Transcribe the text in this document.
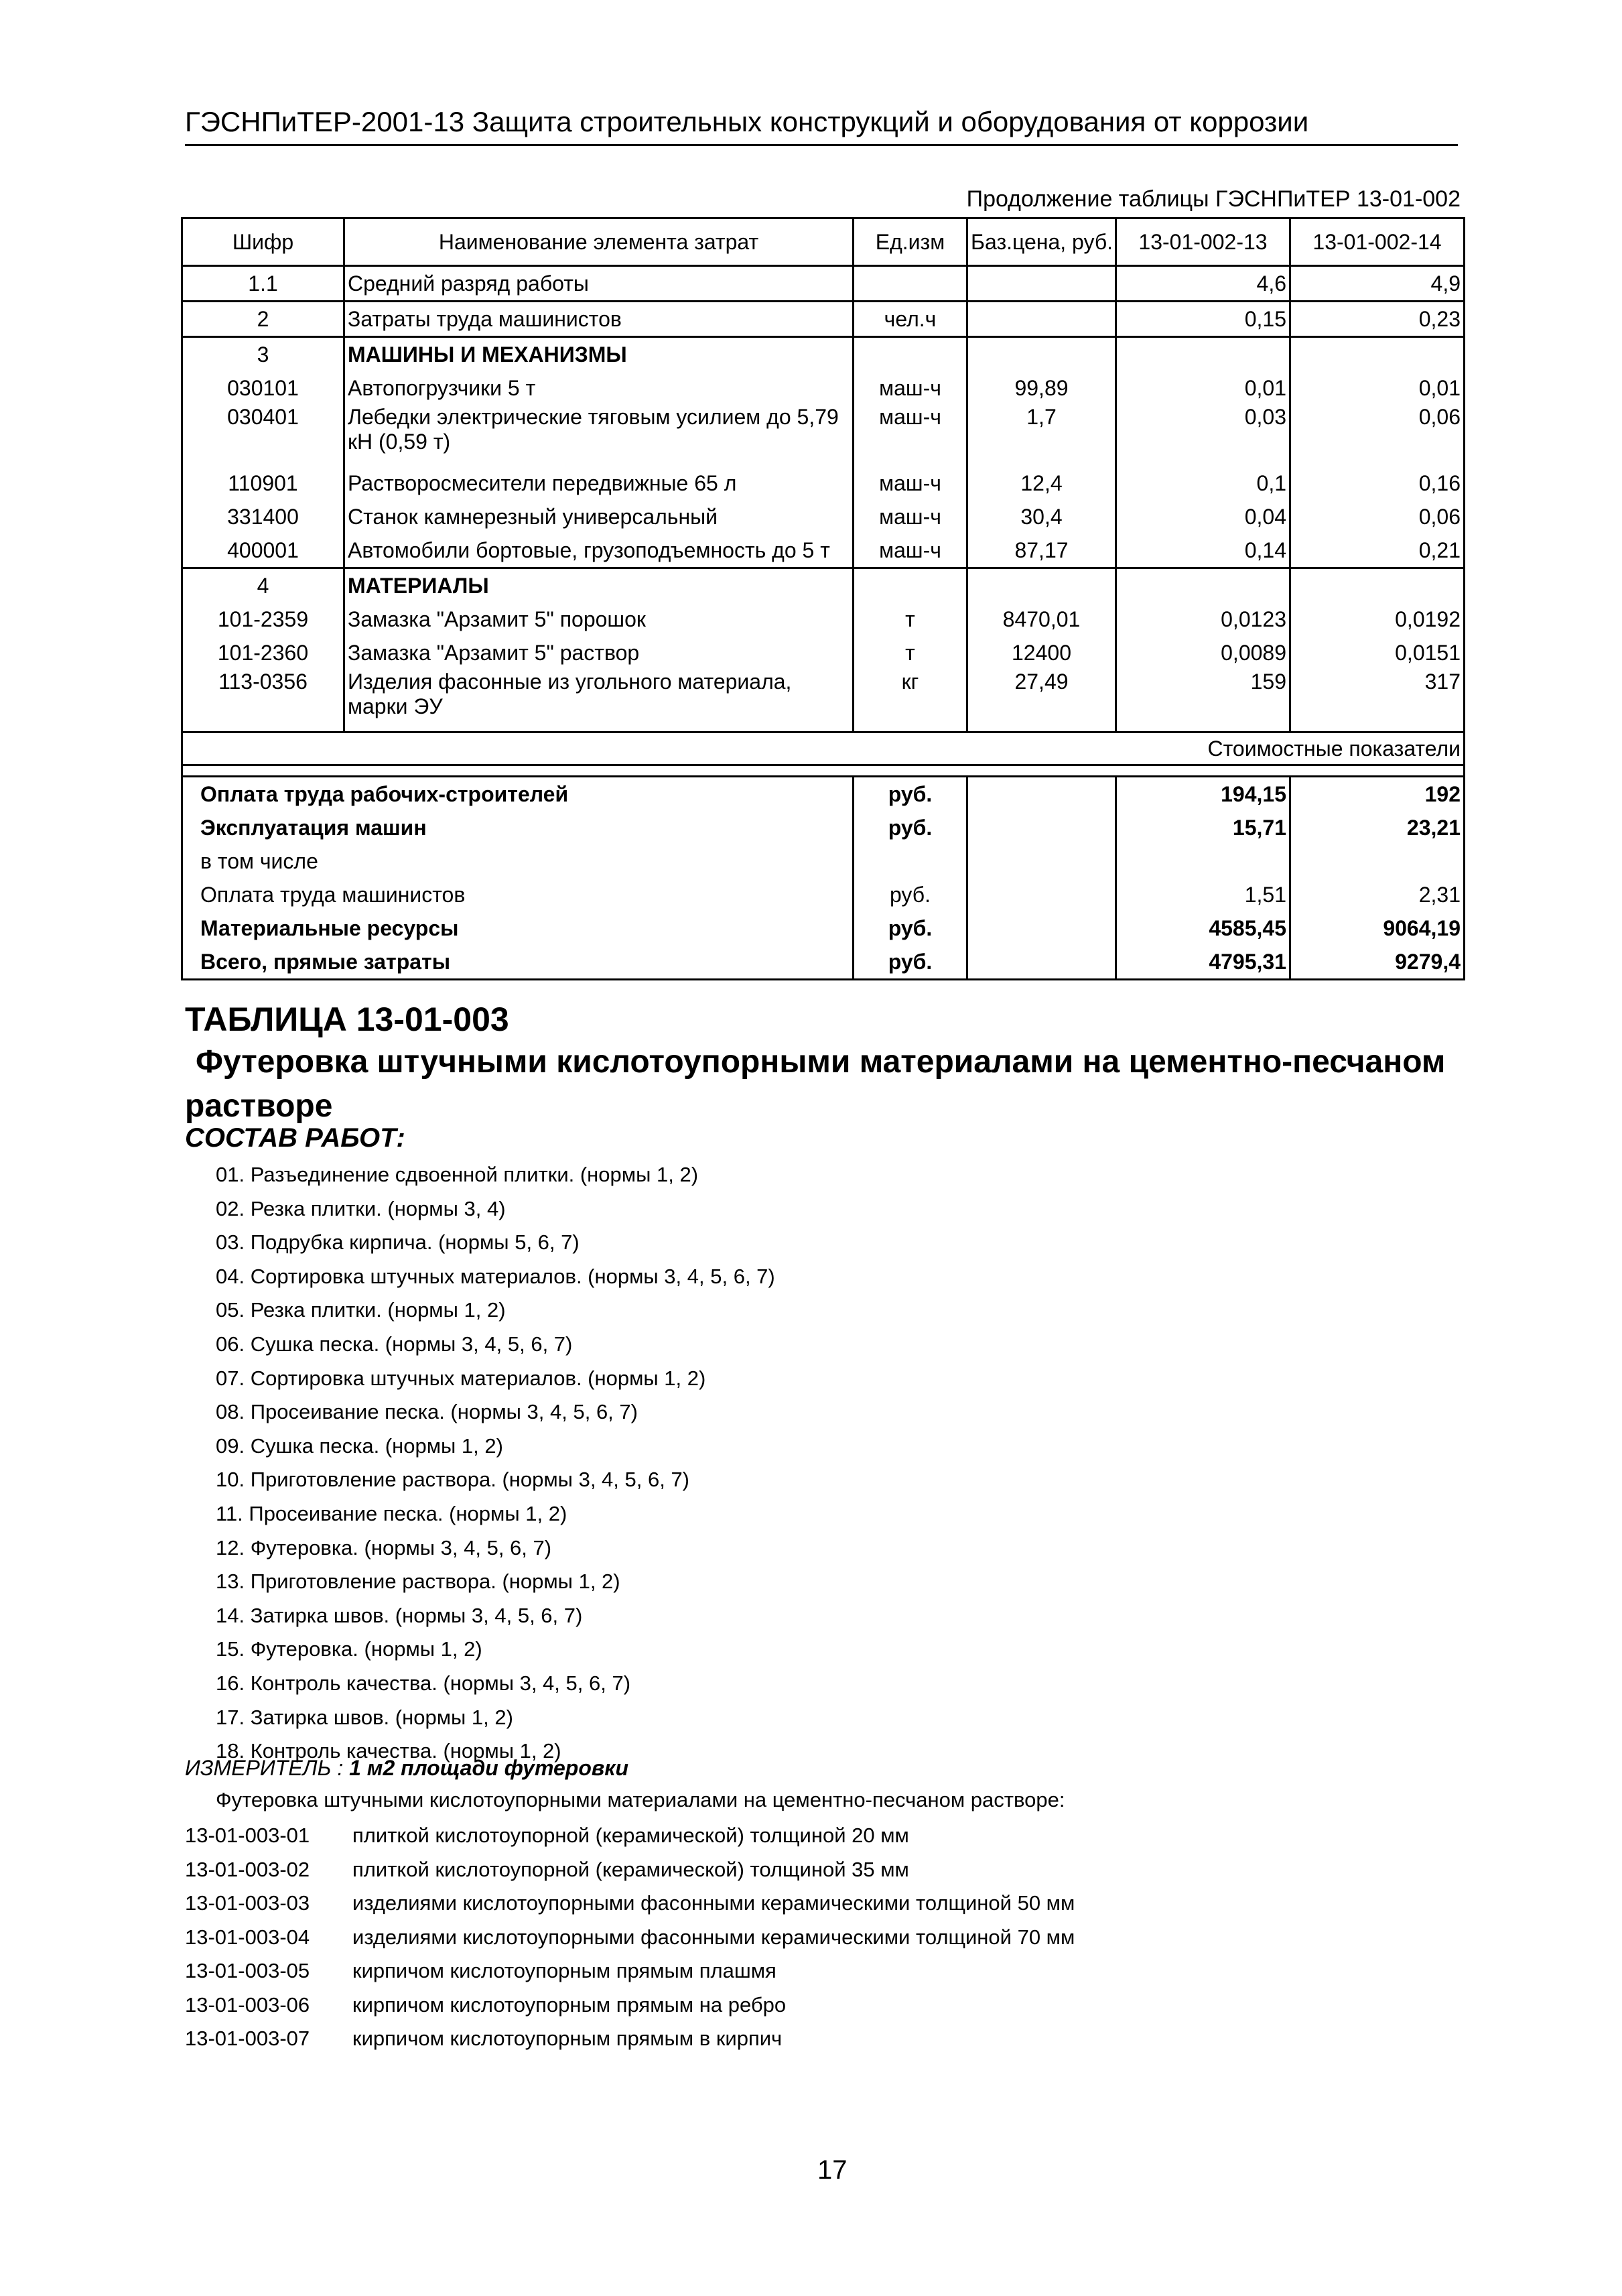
ГЭСНПиТЕР-2001-13 Защита строительных конструкций и оборудования от коррозии
Продолжение таблицы ГЭСНПиТЕР 13-01-002
Шифр	Наименование элемента затрат	Ед.изм	Баз.цена, руб.	13-01-002-13	13-01-002-14
1.1	Средний разряд работы			4,6	4,9
2	Затраты труда машинистов	чел.ч		0,15	0,23
3	МАШИНЫ И МЕХАНИЗМЫ				
030101	Автопогрузчики 5 т	маш-ч	99,89	0,01	0,01
030401	Лебедки электрические тяговым усилием до 5,79 кН (0,59 т)	маш-ч	1,7	0,03	0,06
110901	Растворосмесители передвижные 65 л	маш-ч	12,4	0,1	0,16
331400	Станок камнерезный универсальный	маш-ч	30,4	0,04	0,06
400001	Автомобили бортовые, грузоподъемность до 5 т	маш-ч	87,17	0,14	0,21
4	МАТЕРИАЛЫ				
101-2359	Замазка "Арзамит 5" порошок	т	8470,01	0,0123	0,0192
101-2360	Замазка "Арзамит 5" раствор	т	12400	0,0089	0,0151
113-0356	Изделия фасонные из угольного материала, марки ЭУ	кг	27,49	159	317
Стоимостные показатели					

Оплата труда рабочих-строителей		руб.		194,15	192
Эксплуатация машин		руб.		15,71	23,21
в том числе					
Оплата труда машинистов		руб.		1,51	2,31
Материальные ресурсы		руб.		4585,45	9064,19
Всего, прямые затраты		руб.		4795,31	9279,4
ТАБЛИЦА 13-01-003
Футеровка штучными кислотоупорными материалами на цементно-песчаном
растворе
СОСТАВ РАБОТ:
01. Разъединение сдвоенной плитки. (нормы 1, 2)
02. Резка плитки. (нормы 3, 4)
03. Подрубка кирпича. (нормы 5, 6, 7)
04. Сортировка штучных материалов. (нормы 3, 4, 5, 6, 7)
05. Резка плитки. (нормы 1, 2)
06. Сушка песка. (нормы 3, 4, 5, 6, 7)
07. Сортировка штучных материалов. (нормы 1, 2)
08. Просеивание песка. (нормы 3, 4, 5, 6, 7)
09. Сушка песка. (нормы 1, 2)
10. Приготовление раствора. (нормы 3, 4, 5, 6, 7)
11. Просеивание песка. (нормы 1, 2)
12. Футеровка. (нормы 3, 4, 5, 6, 7)
13. Приготовление раствора. (нормы 1, 2)
14. Затирка швов. (нормы 3, 4, 5, 6, 7)
15. Футеровка. (нормы 1, 2)
16. Контроль качества. (нормы 3, 4, 5, 6, 7)
17. Затирка швов. (нормы 1, 2)
18. Контроль качества. (нормы 1, 2)
ИЗМЕРИТЕЛЬ : 1 м2 площади футеровки
Футеровка штучными кислотоупорными материалами на цементно-песчаном растворе:
13-01-003-01 плиткой кислотоупорной (керамической) толщиной 20 мм
13-01-003-02 плиткой кислотоупорной (керамической) толщиной 35 мм
13-01-003-03 изделиями кислотоупорными фасонными керамическими толщиной 50 мм
13-01-003-04 изделиями кислотоупорными фасонными керамическими толщиной 70 мм
13-01-003-05 кирпичом кислотоупорным прямым плашмя
13-01-003-06 кирпичом кислотоупорным прямым на ребро
13-01-003-07 кирпичом кислотоупорным прямым в кирпич
17
